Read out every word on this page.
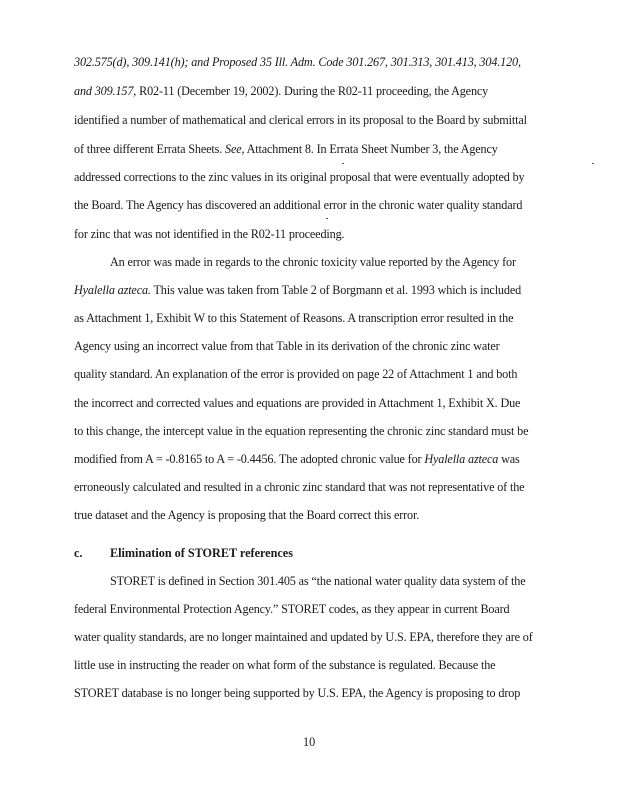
302.575(d), 309.141(h); and Proposed 35 Ill. Adm. Code 301.267, 301.313, 301.413, 304.120,
and 309.157, R02-11 (December 19, 2002). During the R02-11 proceeding, the Agency
identified a number of mathematical and clerical errors in its proposal to the Board by submittal
of three different Errata Sheets. See, Attachment 8. In Errata Sheet Number 3, the Agency
addressed corrections to the zinc values in its original proposal that were eventually adopted by
the Board. The Agency has discovered an additional error in the chronic water quality standard
for zinc that was not identified in the R02-11 proceeding.
An error was made in regards to the chronic toxicity value reported by the Agency for
Hyalella azteca. This value was taken from Table 2 of Borgmann et al. 1993 which is included
as Attachment 1, Exhibit W to this Statement of Reasons. A transcription error resulted in the
Agency using an incorrect value from that Table in its derivation of the chronic zinc water
quality standard. An explanation of the error is provided on page 22 of Attachment 1 and both
the incorrect and corrected values and equations are provided in Attachment 1, Exhibit X. Due
to this change, the intercept value in the equation representing the chronic zinc standard must be
modified from A = -0.8165 to A = -0.4456. The adopted chronic value for Hyalella azteca was
erroneously calculated and resulted in a chronic zinc standard that was not representative of the
true dataset and the Agency is proposing that the Board correct this error.
c. Elimination of STORET references
STORET is defined in Section 301.405 as “the national water quality data system of the
federal Environmental Protection Agency.” STORET codes, as they appear in current Board
water quality standards, are no longer maintained and updated by U.S. EPA, therefore they are of
little use in instructing the reader on what form of the substance is regulated. Because the
STORET database is no longer being supported by U.S. EPA, the Agency is proposing to drop
10
